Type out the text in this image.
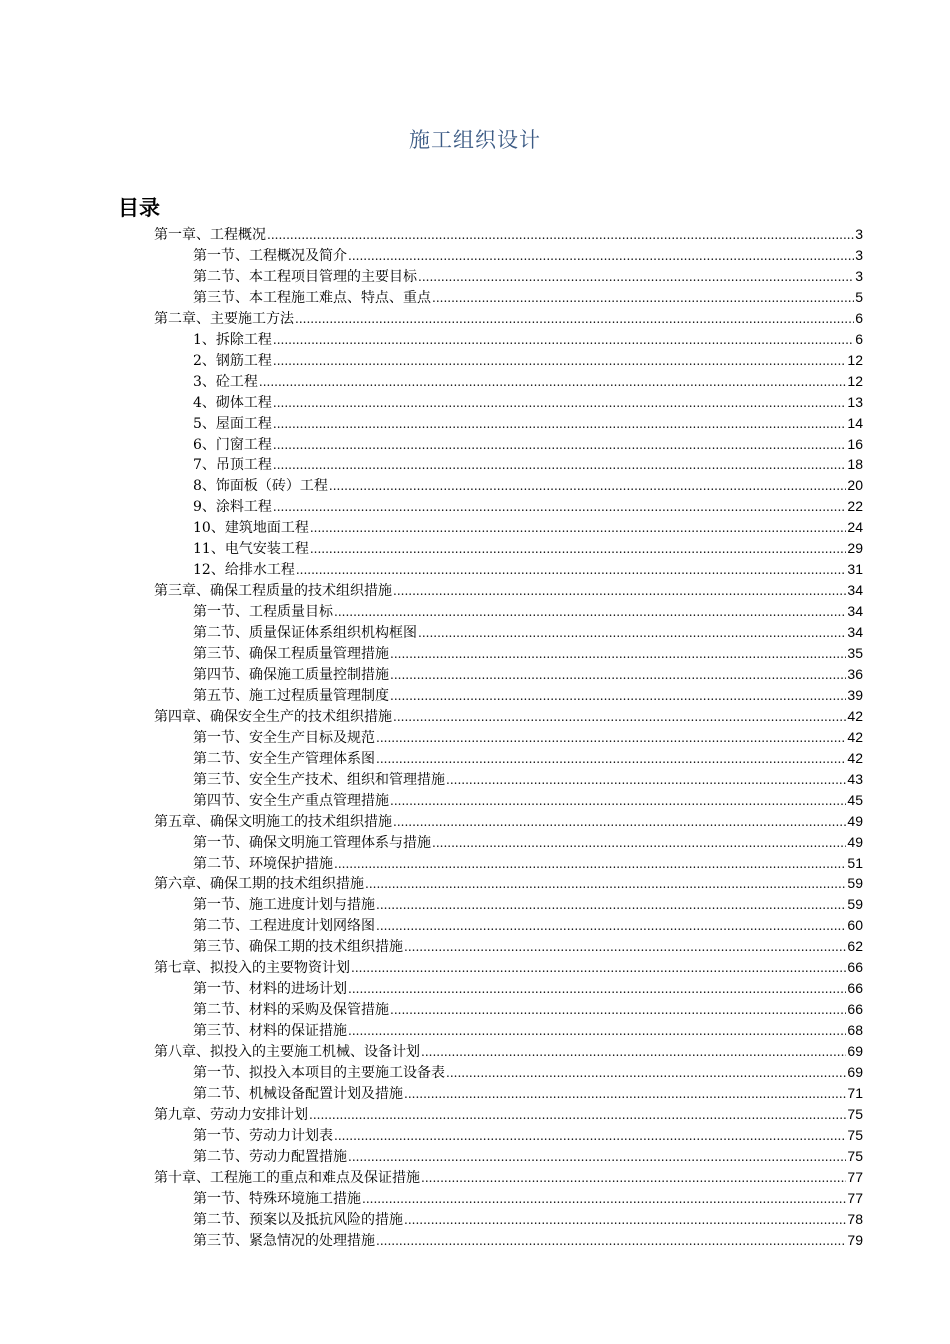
施工组织设计
目录
第一章、工程概况 .....	3
第一节、工程概况及简介 .....	3
第二节、本工程项目管理的主要目标 .....	3
第三节、本工程施工难点、特点、重点 .....	5
第二章、主要施工方法 .....	6
1、拆除工程 .....	6
2、钢筋工程 .....	12
3、砼工程 .....	12
4、砌体工程 .....	13
5、屋面工程 .....	14
6、门窗工程 .....	16
7、吊顶工程 .....	18
8、饰面板（砖）工程 .....	20
9、涂料工程 .....	22
10、建筑地面工程 .....	24
11、电气安装工程 .....	29
12、给排水工程 .....	31
第三章、确保工程质量的技术组织措施 .....	34
第一节、工程质量目标 .....	34
第二节、质量保证体系组织机构框图 .....	34
第三节、确保工程质量管理措施 .....	35
第四节、确保施工质量控制措施 .....	36
第五节、施工过程质量管理制度 .....	39
第四章、确保安全生产的技术组织措施 .....	42
第一节、安全生产目标及规范 .....	42
第二节、安全生产管理体系图 .....	42
第三节、安全生产技术、组织和管理措施 .....	43
第四节、安全生产重点管理措施 .....	45
第五章、确保文明施工的技术组织措施 .....	49
第一节、确保文明施工管理体系与措施 .....	49
第二节、环境保护措施 .....	51
第六章、确保工期的技术组织措施 .....	59
第一节、施工进度计划与措施 .....	59
第二节、工程进度计划网络图 .....	60
第三节、确保工期的技术组织措施 .....	62
第七章、拟投入的主要物资计划 .....	66
第一节、材料的进场计划 .....	66
第二节、材料的采购及保管措施 .....	66
第三节、材料的保证措施 .....	68
第八章、拟投入的主要施工机械、设备计划 .....	69
第一节、拟投入本项目的主要施工设备表 .....	69
第二节、机械设备配置计划及措施 .....	71
第九章、劳动力安排计划 .....	75
第一节、劳动力计划表 .....	75
第二节、劳动力配置措施 .....	75
第十章、工程施工的重点和难点及保证措施 .....	77
第一节、特殊环境施工措施 .....	77
第二节、预案以及抵抗风险的措施 .....	78
第三节、紧急情况的处理措施 .....	79
